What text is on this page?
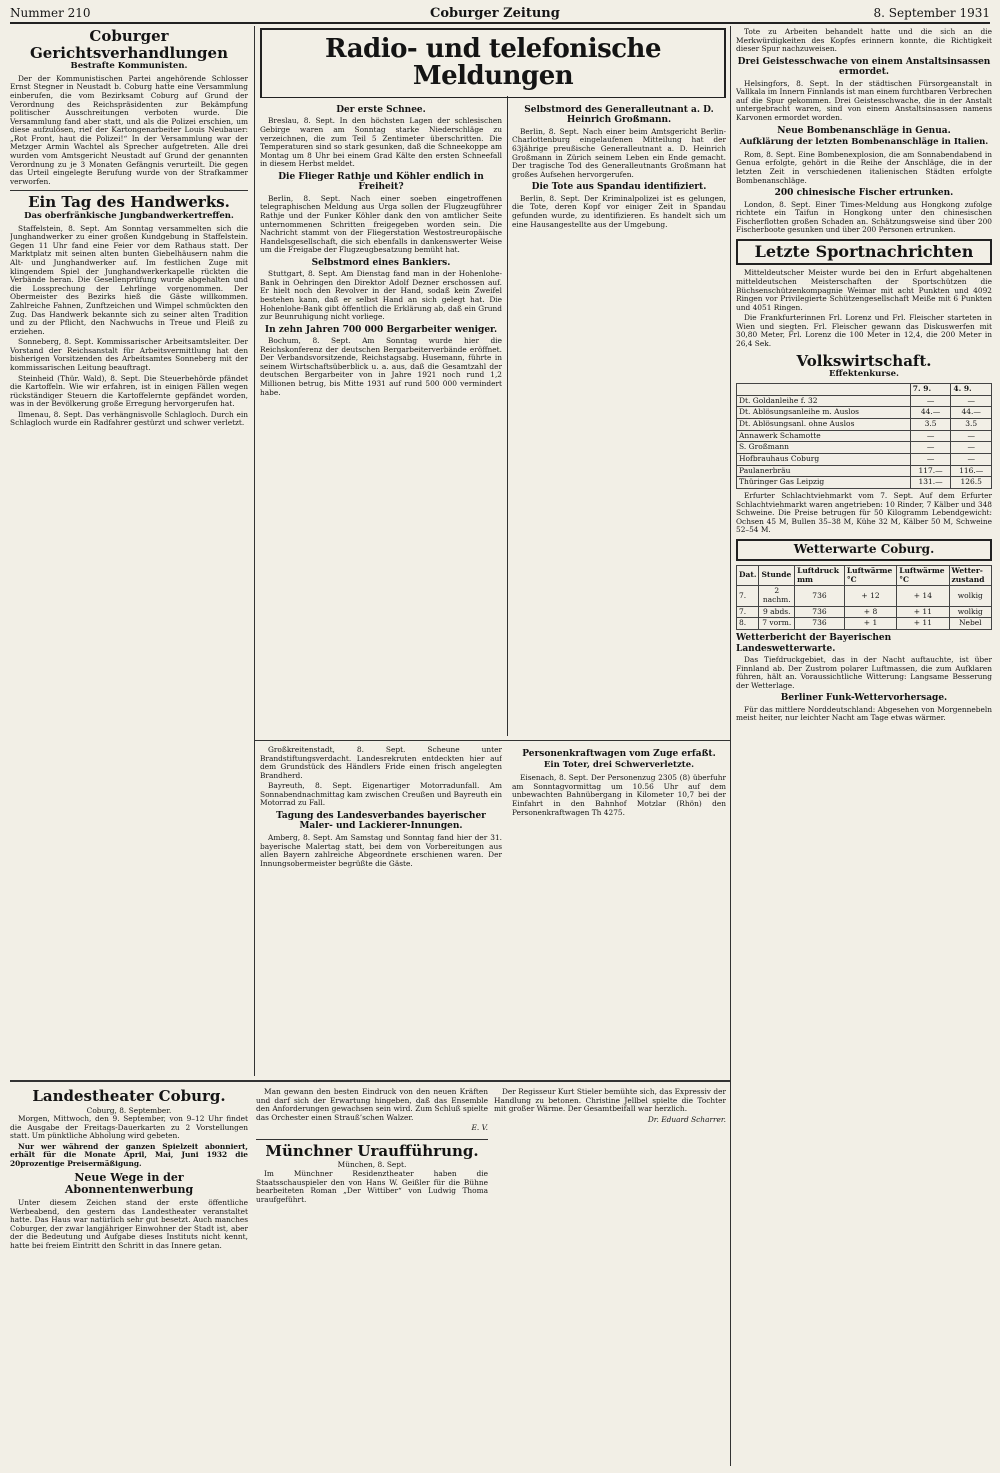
Nummer 210	Coburger Zeitung	8. September 1931
Coburger Gerichtsverhandlungen
Bestrafte Kommunisten.

Der der Kommunistischen Partei angehörende Schlosser Ernst Stegner in Neustadt b. Coburg hatte eine Versammlung einberufen, die vom Bezirksamt Coburg auf Grund der Verordnung des Reichspräsidenten zur Bekämpfung politischer Ausschreitungen verboten wurde. Die Versammlung fand aber statt, und als die Polizei erschien, um diese aufzulösen, rief der Kartongenarbeiter Louis Neubauer: „Rot Front, haut die Polizei!“ In der Versammlung war der Metzger Armin Wachtel als Sprecher aufgetreten. Alle drei wurden vom Amtsgericht Neustadt auf Grund der genannten Verordnung zu je 3 Monaten Gefängnis verurteilt. Die gegen das Urteil eingelegte Berufung wurde von der Strafkammer verworfen.

Ein Tag des Handwerks.
Das oberfränkische Jungbandwerkertreffen.

Staffelstein, 8. Sept. Am Sonntag versammelten sich die Junghandwerker zu einer großen Kundgebung in Staffelstein. Gegen 11 Uhr fand eine Feier vor dem Rathaus statt. Der Marktplatz mit seinen alten bunten Giebelhäusern nahm die Alt- und Junghandwerker auf. Im festlichen Zuge mit klingendem Spiel der Junghandwerkerkapelle rückten die Verbände heran. Die Gesellenprüfung wurde abgehalten und die Lossprechung der Lehrlinge vorgenommen. Der Obermeister des Bezirks hieß die Gäste willkommen. Zahlreiche Fahnen, Zunftzeichen und Wimpel schmückten den Zug. Das Handwerk bekannte sich zu seiner alten Tradition und zu der Pflicht, den Nachwuchs in Treue und Fleiß zu erziehen.

Sonneberg, 8. Sept. Kommissarischer Arbeitsamtsleiter. Der Vorstand der Reichsanstalt für Arbeitsvermittlung hat den bisherigen Vorsitzenden des Arbeitsamtes Sonneberg mit der kommissarischen Leitung beauftragt.

Steinheid (Thür. Wald), 8. Sept. Die Steuerbehörde pfändet die Kartoffeln. Wie wir erfahren, ist in einigen Fällen wegen rückständiger Steuern die Kartoffelernte gepfändet worden, was in der Bevölkerung große Erregung hervorgerufen hat.

Ilmenau, 8. Sept. Das verhängnisvolle Schlagloch. Durch ein Schlagloch wurde ein Radfahrer gestürzt und schwer verletzt.

Radio- und telefonische Meldungen
Der erste Schnee.

Breslau, 8. Sept. In den höchsten Lagen der schlesischen Gebirge waren am Sonntag starke Niederschläge zu verzeichnen, die zum Teil 5 Zentimeter überschritten. Die Temperaturen sind so stark gesunken, daß die Schneekoppe am Montag um 8 Uhr bei einem Grad Kälte den ersten Schneefall in diesem Herbst meldet.

Die Flieger Rathje und Köhler endlich in Freiheit?

Berlin, 8. Sept. Nach einer soeben eingetroffenen telegraphischen Meldung aus Urga sollen der Flugzeugführer Rathje und der Funker Köhler dank den von amtlicher Seite unternommenen Schritten freigegeben worden sein. Die Nachricht stammt von der Fliegerstation Westostreuropäische Handelsgesellschaft, die sich ebenfalls in dankenswerter Weise um die Freigabe der Flugzeugbesatzung bemüht hat.

Selbstmord eines Bankiers.

Stuttgart, 8. Sept. Am Dienstag fand man in der Hohenlohe-Bank in Oehringen den Direktor Adolf Dezner erschossen auf. Er hielt noch den Revolver in der Hand, sodaß kein Zweifel bestehen kann, daß er selbst Hand an sich gelegt hat. Die Hohenlohe-Bank gibt öffentlich die Erklärung ab, daß ein Grund zur Beunruhigung nicht vorliege.

In zehn Jahren 700 000 Bergarbeiter weniger.

Bochum, 8. Sept. Am Sonntag wurde hier die Reichskonferenz der deutschen Bergarbeiterverbände eröffnet. Der Verbandsvorsitzende, Reichstagsabg. Husemann, führte in seinem Wirtschaftsüberblick u. a. aus, daß die Gesamtzahl der deutschen Bergarbeiter von in Jahre 1921 noch rund 1,2 Millionen betrug, bis Mitte 1931 auf rund 500 000 vermindert habe.

Selbstmord des Generalleutnant a. D. Heinrich Großmann.

Berlin, 8. Sept. Nach einer beim Amtsgericht Berlin-Charlottenburg eingelaufenen Mitteilung hat der 63jährige preußische Generalleutnant a. D. Heinrich Großmann in Zürich seinem Leben ein Ende gemacht. Der tragische Tod des Generalleutnants Großmann hat großes Aufsehen hervorgerufen.

Die Tote aus Spandau identifiziert.

Berlin, 8. Sept. Der Kriminalpolizei ist es gelungen, die Tote, deren Kopf vor einiger Zeit in Spandau gefunden wurde, zu identifizieren. Es handelt sich um eine Hausangestellte aus der Umgebung.

Großkreitenstadt, 8. Sept. Scheune unter Brandstiftungsverdacht. Landesrekruten entdeckten hier auf dem Grundstück des Händlers Fride einen frisch angelegten Brandherd.

Bayreuth, 8. Sept. Eigenartiger Motorradunfall. Am Sonnabendnachmittag kam zwischen Creußen und Bayreuth ein Motorrad zu Fall.

Tagung des Landesverbandes bayerischer Maler- und Lackierer-Innungen.

Amberg, 8. Sept. Am Samstag und Sonntag fand hier der 31. bayerische Malertag statt, bei dem von Vorbereitungen aus allen Bayern zahlreiche Abgeordnete erschienen waren. Der Innungsobermeister begrüßte die Gäste.

Personenkraftwagen vom Zuge erfaßt.
Ein Toter, drei Schwerverletzte.

Eisenach, 8. Sept. Der Personenzug 2305 (8) überfuhr am Sonntagvormittag um 10.56 Uhr auf dem unbewachten Bahnübergang in Kilometer 10,7 bei der Einfahrt in den Bahnhof Motzlar (Rhön) den Personenkraftwagen Th 4275.

Landestheater Coburg.
Coburg, 8. September.

Morgen, Mittwoch, den 9. September, von 9–12 Uhr findet die Ausgabe der Freitags-Dauerkarten zu 2 Vorstellungen statt. Um pünktliche Abholung wird gebeten.

Nur wer während der ganzen Spielzeit abonniert, erhält für die Monate April, Mai, Juni 1932 die 20prozentige Preisermäßigung.

Neue Wege in der Abonnentenwerbung

Unter diesem Zeichen stand der erste öffentliche Werbeabend, den gestern das Landestheater veranstaltet hatte. Das Haus war natürlich sehr gut besetzt. Auch manches Coburger, der zwar langjähriger Einwohner der Stadt ist, aber der die Bedeutung und Aufgabe dieses Instituts nicht kennt, hatte bei freiem Eintritt den Schritt in das Innere getan.

Man gewann den besten Eindruck von den neuen Kräften und darf sich der Erwartung hingeben, daß das Ensemble den Anforderungen gewachsen sein wird. Zum Schluß spielte das Orchester einen Strauß’schen Walzer.

E. V.
Münchner Uraufführung.
München, 8. Sept.

Im Münchner Residenztheater haben die Staatsschauspieler den von Hans W. Geißler für die Bühne bearbeiteten Roman „Der Wittiber“ von Ludwig Thoma uraufgeführt.

Der Regisseur Kurt Stieler bemühte sich, das Expressiv der Handlung zu betonen. Christine Jellbel spielte die Tochter mit großer Wärme. Der Gesamtbeifall war herzlich.

Dr. Eduard Scharrer.

Tote zu Arbeiten behandelt hatte und die sich an die Merkwürdigkeiten des Kopfes erinnern konnte, die Richtigkeit dieser Spur nachzuweisen.

Drei Geistesschwache von einem Anstaltsinsassen ermordet.

Helsingfors, 8. Sept. In der städtischen Fürsorgeanstalt in Vallkala im Innern Finnlands ist man einem furchtbaren Verbrechen auf die Spur gekommen. Drei Geistesschwache, die in der Anstalt untergebracht waren, sind von einem Anstaltsinsassen namens Karvonen ermordet worden.

Neue Bombenanschläge in Genua.
Aufklärung der letzten Bombenanschläge in Italien.

Rom, 8. Sept. Eine Bombenexplosion, die am Sonnabendabend in Genua erfolgte, gehört in die Reihe der Anschläge, die in der letzten Zeit in verschiedenen italienischen Städten erfolgte Bombenanschläge.

200 chinesische Fischer ertrunken.

London, 8. Sept. Einer Times-Meldung aus Hongkong zufolge richtete ein Taifun in Hongkong unter den chinesischen Fischerflotten großen Schaden an. Schätzungsweise sind über 200 Fischerboote gesunken und über 200 Personen ertrunken.

Letzte Sportnachrichten

Mitteldeutscher Meister wurde bei den in Erfurt abgehaltenen mitteldeutschen Meisterschaften der Sportschützen die Büchsenschützenkompagnie Weimar mit acht Punkten und 4092 Ringen vor Privilegierte Schützengesellschaft Meiße mit 6 Punkten und 4051 Ringen.

Die Frankfurterinnen Frl. Lorenz und Frl. Fleischer starteten in Wien und siegten. Frl. Fleischer gewann das Diskuswerfen mit 30,80 Meter, Frl. Lorenz die 100 Meter in 12,4, die 200 Meter in 26,4 Sek.

Volkswirtschaft.
Effektenkurse.
	7. 9.	4. 9.
Dt. Goldanleihe f. 32	—	—
Dt. Ablösungsanleihe m. Auslos	44.—	44.—
Dt. Ablösungsanl. ohne Auslos	3.5	3.5
Annawerk Schamotte	—	—
S. Großmann	—	—
Hofbrauhaus Coburg	—	—
Paulanerbräu	117.—	116.—
Thüringer Gas Leipzig	131.—	126.5

Erfurter Schlachtviehmarkt vom 7. Sept. Auf dem Erfurter Schlachtviehmarkt waren angetrieben: 10 Rinder, 7 Kälber und 348 Schweine. Die Preise betrugen für 50 Kilogramm Lebendgewicht: Ochsen 45 M, Bullen 35–38 M, Kühe 32 M, Kälber 50 M, Schweine 52–54 M.

Wetterwarte Coburg.
Dat.	Stunde	Luftdruck mm	Luftwärme °C	Luftwärme °C	Wetterzustand
7.	2 nachm.	736	+ 12	+ 14	wolkig
7.	9 abds.	736	+ 8	+ 11	wolkig
8.	7 vorm.	736	+ 1	+ 11	Nebel
Wetterbericht der Bayerischen Landeswetterwarte.

Das Tiefdruckgebiet, das in der Nacht auftauchte, ist über Finnland ab. Der Zustrom polarer Luftmassen, die zum Aufklaren führen, hält an. Voraussichtliche Witterung: Langsame Besserung der Wetterlage.

Berliner Funk-Wettervorhersage.

Für das mittlere Norddeutschland: Abgesehen von Morgennebeln meist heiter, nur leichter Nacht am Tage etwas wärmer.
